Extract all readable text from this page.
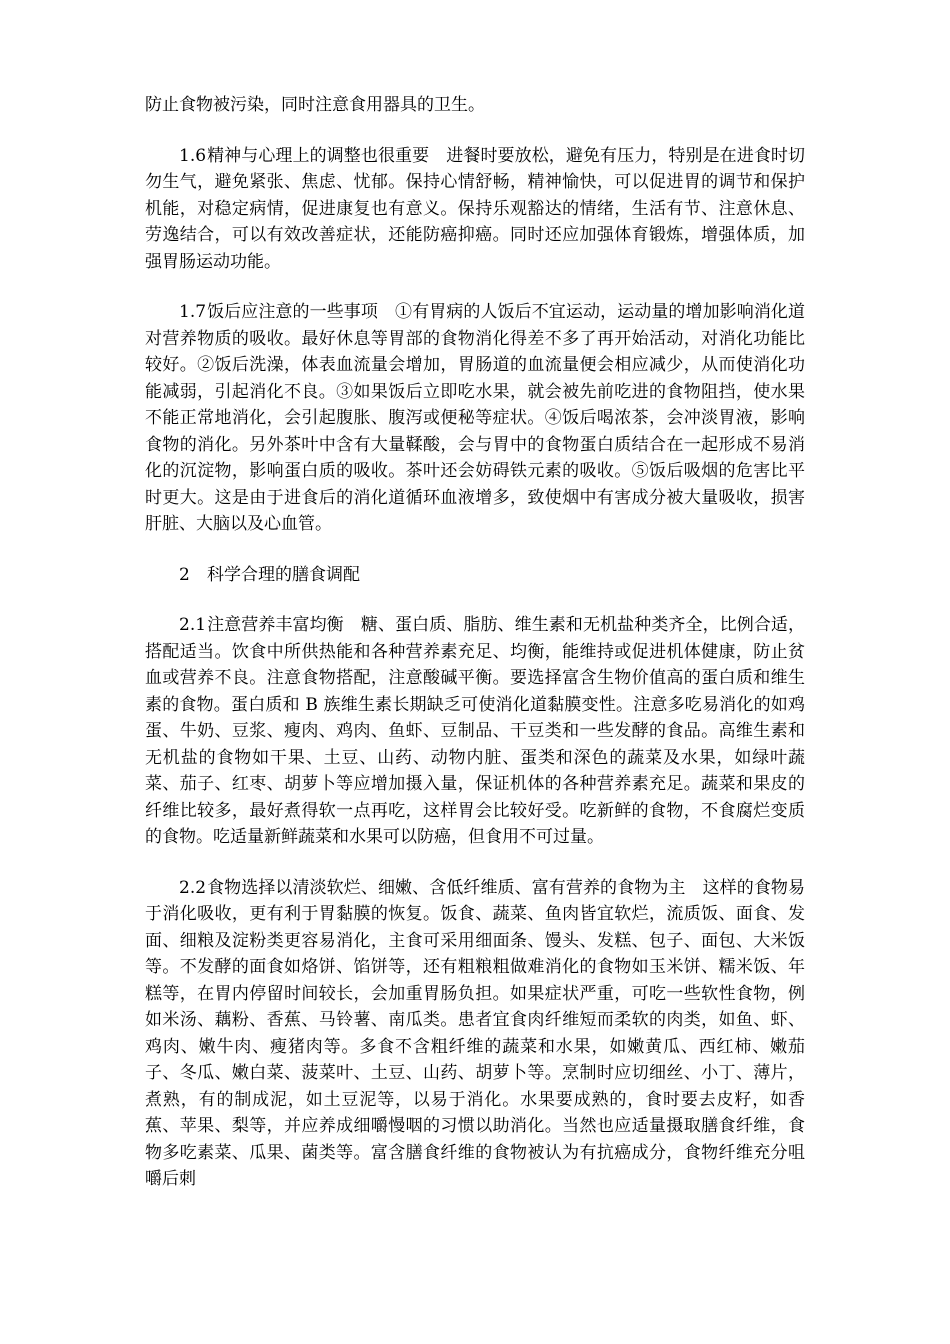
防止食物被污染，同时注意食用器具的卫生。

1.6精神与心理上的调整也很重要  进餐时要放松，避免有压力，特别是在进食时切勿生气，避免紧张、焦虑、忧郁。保持心情舒畅，精神愉快，可以促进胃的调节和保护机能，对稳定病情，促进康复也有意义。保持乐观豁达的情绪，生活有节、注意休息、劳逸结合，可以有效改善症状，还能防癌抑癌。同时还应加强体育锻炼，增强体质，加强胃肠运动功能。

1.7饭后应注意的一些事项  ①有胃病的人饭后不宜运动，运动量的增加影响消化道对营养物质的吸收。最好休息等胃部的食物消化得差不多了再开始活动，对消化功能比较好。②饭后洗澡，体表血流量会增加，胃肠道的血流量便会相应减少，从而使消化功能减弱，引起消化不良。③如果饭后立即吃水果，就会被先前吃进的食物阻挡，使水果不能正常地消化，会引起腹胀、腹泻或便秘等症状。④饭后喝浓茶，会冲淡胃液，影响食物的消化。另外茶叶中含有大量鞣酸，会与胃中的食物蛋白质结合在一起形成不易消化的沉淀物，影响蛋白质的吸收。茶叶还会妨碍铁元素的吸收。⑤饭后吸烟的危害比平时更大。这是由于进食后的消化道循环血液增多，致使烟中有害成分被大量吸收，损害肝脏、大脑以及心血管。

2 科学合理的膳食调配

2.1注意营养丰富均衡  糖、蛋白质、脂肪、维生素和无机盐种类齐全，比例合适，搭配适当。饮食中所供热能和各种营养素充足、均衡，能维持或促进机体健康，防止贫血或营养不良。注意食物搭配，注意酸碱平衡。要选择富含生物价值高的蛋白质和维生素的食物。蛋白质和 B 族维生素长期缺乏可使消化道黏膜变性。注意多吃易消化的如鸡蛋、牛奶、豆浆、瘦肉、鸡肉、鱼虾、豆制品、干豆类和一些发酵的食品。高维生素和无机盐的食物如干果、土豆、山药、动物内脏、蛋类和深色的蔬菜及水果，如绿叶蔬菜、茄子、红枣、胡萝卜等应增加摄入量，保证机体的各种营养素充足。蔬菜和果皮的纤维比较多，最好煮得软一点再吃，这样胃会比较好受。吃新鲜的食物，不食腐烂变质的食物。吃适量新鲜蔬菜和水果可以防癌，但食用不可过量。

2.2食物选择以清淡软烂、细嫩、含低纤维质、富有营养的食物为主  这样的食物易于消化吸收，更有利于胃黏膜的恢复。饭食、蔬菜、鱼肉皆宜软烂，流质饭、面食、发面、细粮及淀粉类更容易消化，主食可采用细面条、馒头、发糕、包子、面包、大米饭等。不发酵的面食如烙饼、馅饼等，还有粗粮粗做难消化的食物如玉米饼、糯米饭、年糕等，在胃内停留时间较长，会加重胃肠负担。如果症状严重，可吃一些软性食物，例如米汤、藕粉、香蕉、马铃薯、南瓜类。患者宜食肉纤维短而柔软的肉类，如鱼、虾、鸡肉、嫩牛肉、瘦猪肉等。多食不含粗纤维的蔬菜和水果，如嫩黄瓜、西红柿、嫩茄子、冬瓜、嫩白菜、菠菜叶、土豆、山药、胡萝卜等。烹制时应切细丝、小丁、薄片，煮熟，有的制成泥，如土豆泥等，以易于消化。水果要成熟的，食时要去皮籽，如香蕉、苹果、梨等，并应养成细嚼慢咽的习惯以助消化。当然也应适量摄取膳食纤维，食物多吃素菜、瓜果、菌类等。富含膳食纤维的食物被认为有抗癌成分，食物纤维充分咀嚼后刺
